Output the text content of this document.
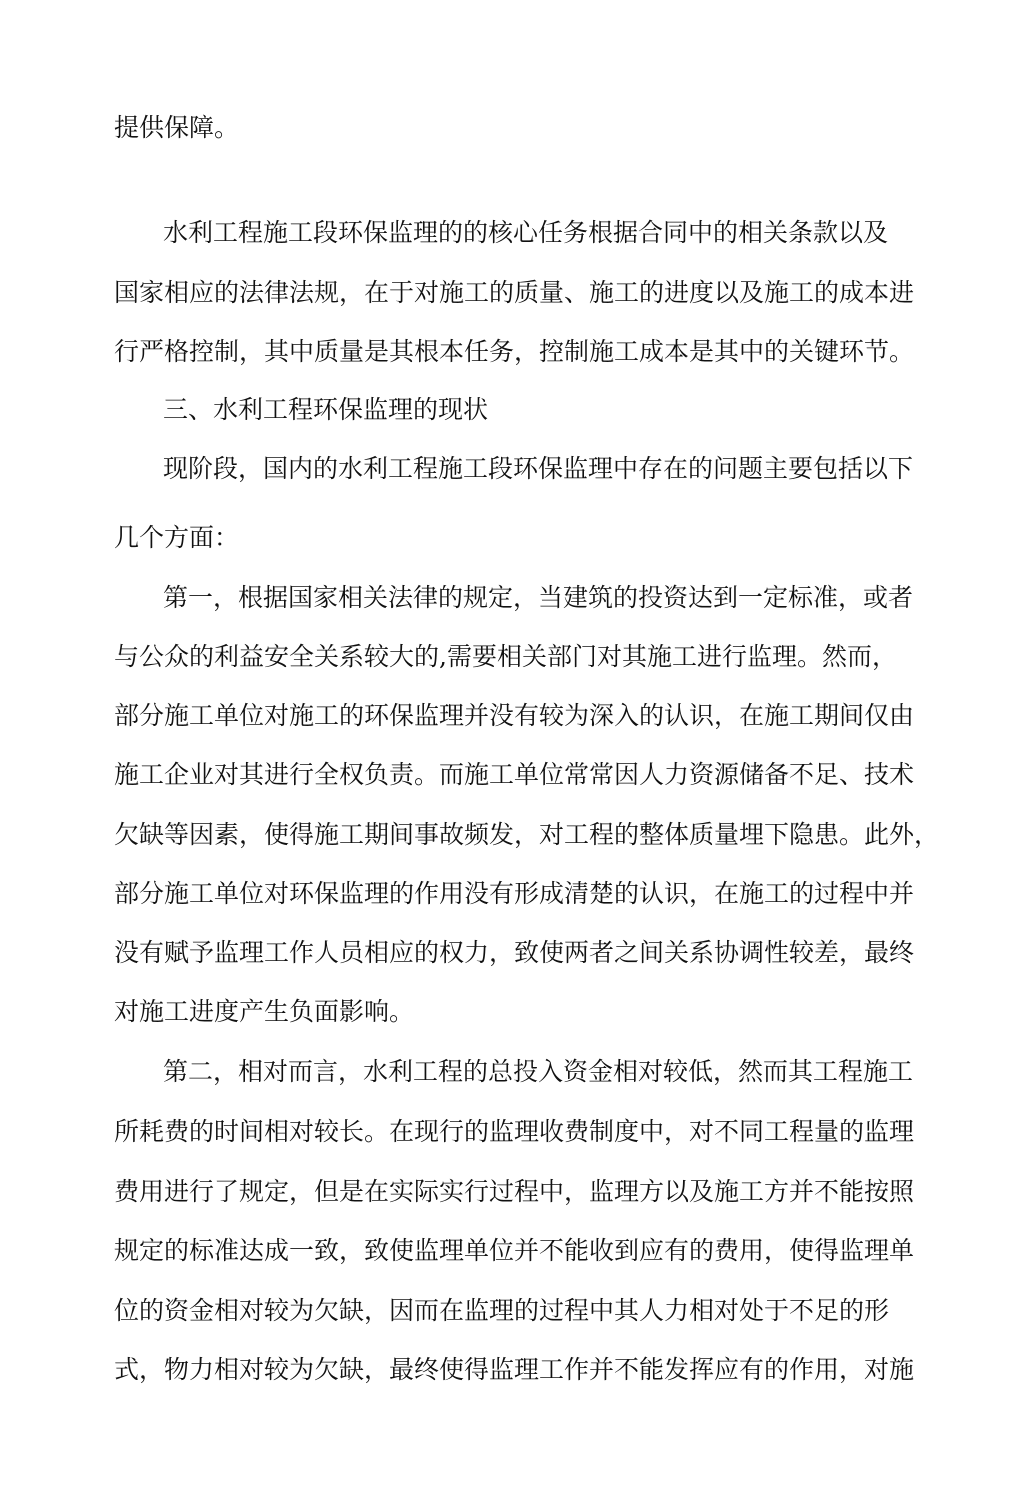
提供保障。
水利工程施工段环保监理的的核心任务根据合同中的相关条款以及
国家相应的法律法规，在于对施工的质量、施工的进度以及施工的成本进
行严格控制，其中质量是其根本任务，控制施工成本是其中的关键环节。
三、水利工程环保监理的现状
现阶段，国内的水利工程施工段环保监理中存在的问题主要包括以下
几个方面：
第一，根据国家相关法律的规定，当建筑的投资达到一定标准，或者
与公众的利益安全关系较大的,需要相关部门对其施工进行监理。然而，
部分施工单位对施工的环保监理并没有较为深入的认识，在施工期间仅由
施工企业对其进行全权负责。而施工单位常常因人力资源储备不足、技术
欠缺等因素，使得施工期间事故频发，对工程的整体质量埋下隐患。此外，
部分施工单位对环保监理的作用没有形成清楚的认识，在施工的过程中并
没有赋予监理工作人员相应的权力，致使两者之间关系协调性较差，最终
对施工进度产生负面影响。
第二，相对而言，水利工程的总投入资金相对较低，然而其工程施工
所耗费的时间相对较长。在现行的监理收费制度中，对不同工程量的监理
费用进行了规定，但是在实际实行过程中，监理方以及施工方并不能按照
规定的标准达成一致，致使监理单位并不能收到应有的费用，使得监理单
位的资金相对较为欠缺，因而在监理的过程中其人力相对处于不足的形
式，物力相对较为欠缺，最终使得监理工作并不能发挥应有的作用，对施
